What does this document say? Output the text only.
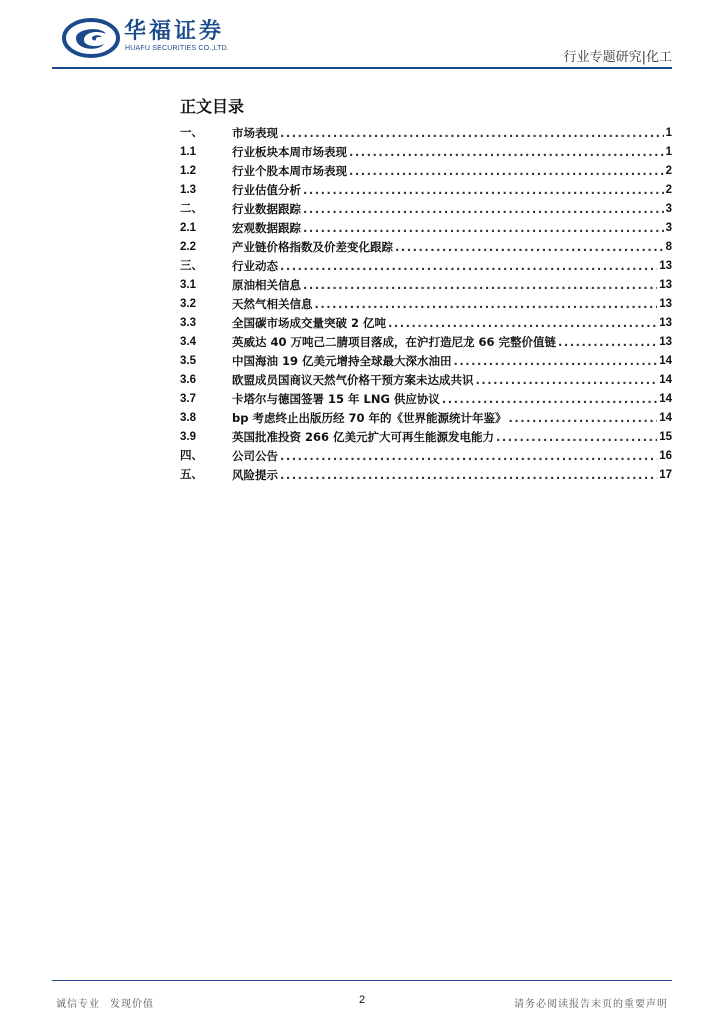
华福证券
HUAFU SECURITIES CO.,LTD.
行业专题研究|化工
正文目录
一、	市场表现 .....	1
1.1	行业板块本周市场表现 .....	1
1.2	行业个股本周市场表现 .....	2
1.3	行业估值分析 .....	2
二、	行业数据跟踪 .....	3
2.1	宏观数据跟踪 .....	3
2.2	产业链价格指数及价差变化跟踪 .....	8
三、	行业动态 .....	13
3.1	原油相关信息 .....	13
3.2	天然气相关信息 .....	13
3.3	全国碳市场成交量突破 2 亿吨 .....	13
3.4	英威达 40 万吨己二腈项目落成，在沪打造尼龙 66 完整价值链 .....	13
3.5	中国海油 19 亿美元增持全球最大深水油田 .....	14
3.6	欧盟成员国商议天然气价格干预方案未达成共识 .....	14
3.7	卡塔尔与德国签署 15 年 LNG 供应协议 .....	14
3.8	bp 考虑终止出版历经 70 年的《世界能源统计年鉴》 .....	14
3.9	英国批准投资 266 亿美元扩大可再生能源发电能力 .....	15
四、	公司公告 .....	16
五、	风险提示 .....	17
诚信专业 发现价值	2	请务必阅读报告末页的重要声明
